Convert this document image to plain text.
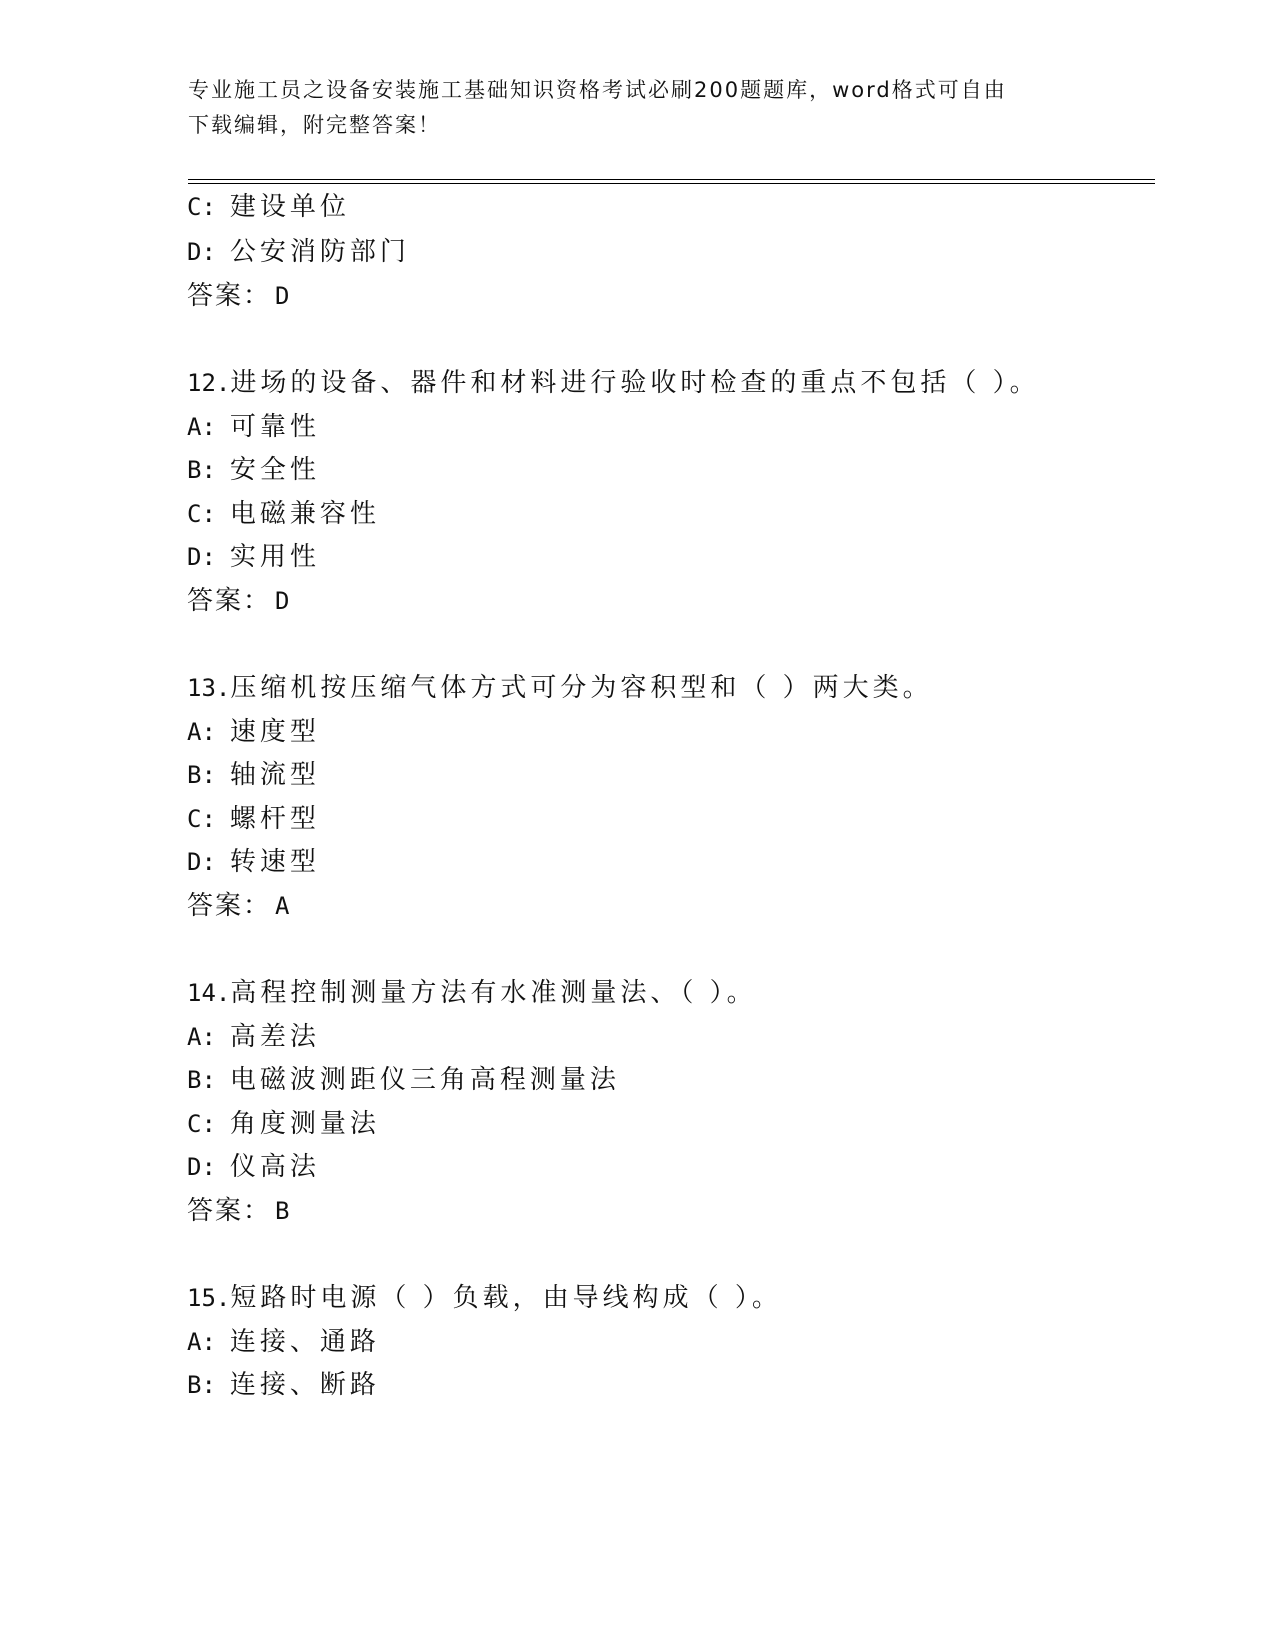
专业施工员之设备安装施工基础知识资格考试必刷200题题库，word格式可自由
下载编辑，附完整答案！
C: 建设单位
D: 公安消防部门
答案： D
12.进场的设备、器件和材料进行验收时检查的重点不包括（ ）。
A: 可靠性
B: 安全性
C: 电磁兼容性
D: 实用性
答案： D
13.压缩机按压缩气体方式可分为容积型和（ ）两大类。
A: 速度型
B: 轴流型
C: 螺杆型
D: 转速型
答案： A
14.高程控制测量方法有水准测量法、（ ）。
A: 高差法
B: 电磁波测距仪三角高程测量法
C: 角度测量法
D: 仪高法
答案： B
15.短路时电源（ ）负载，由导线构成（ ）。
A: 连接、通路
B: 连接、断路
